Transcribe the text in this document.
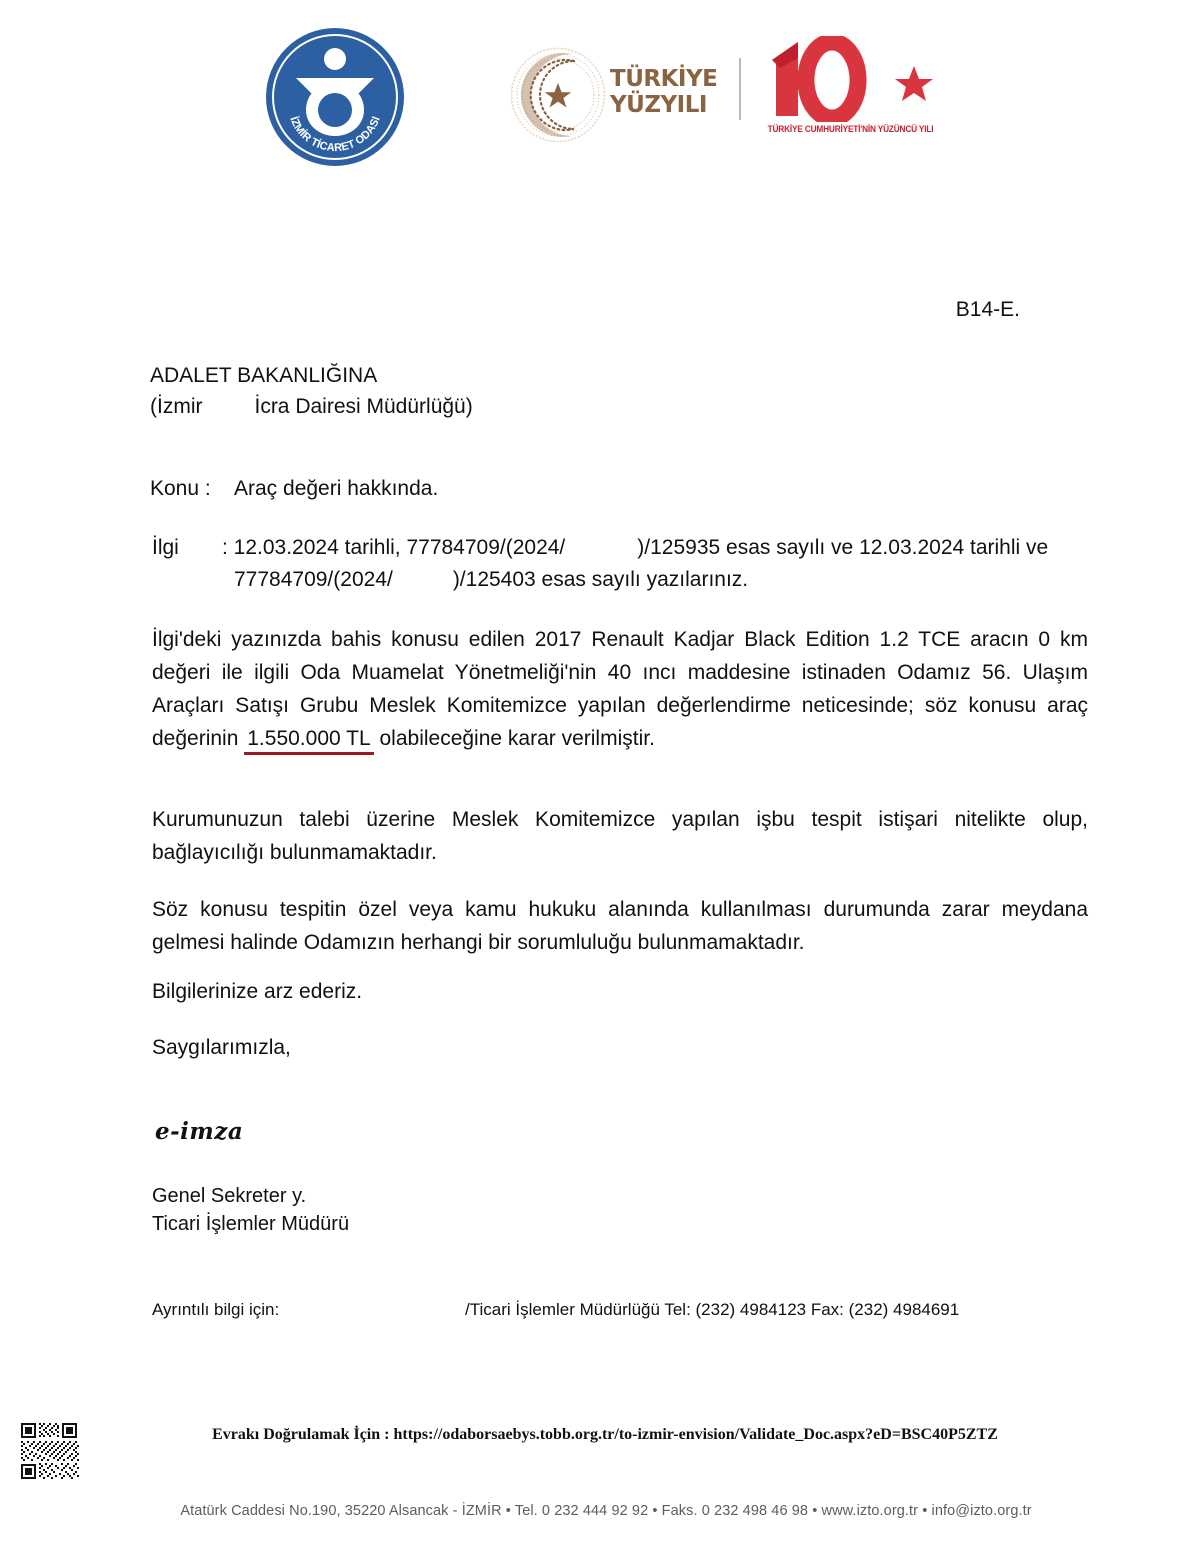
İZMİR TİCARET ODASI
1885
TÜRKİYE
YÜZYILI
TÜRKİYE CUMHURİYETİ'NİN YÜZÜNCÜ YILI
B14-E.
ADALET BAKANLIĞINA
(İzmir İcra Dairesi Müdürlüğü)
Konu : Araç değeri hakkında.
İlgi : 12.03.2024 tarihli, 77784709/(2024/	)/125935 esas sayılı ve 12.03.2024 tarihli ve
77784709/(2024/	)/125403 esas sayılı yazılarınız.
İlgi'deki yazınızda bahis konusu edilen 2017 Renault Kadjar Black Edition 1.2 TCE aracın 0 km değeri ile ilgili Oda Muamelat Yönetmeliği'nin 40 ıncı maddesine istinaden Odamız 56. Ulaşım Araçları Satışı Grubu Meslek Komitemizce yapılan değerlendirme neticesinde; söz konusu araç değerinin 1.550.000 TL olabileceğine karar verilmiştir.
Kurumunuzun talebi üzerine Meslek Komitemizce yapılan işbu tespit istişari nitelikte olup, bağlayıcılığı bulunmamaktadır.
Söz konusu tespitin özel veya kamu hukuku alanında kullanılması durumunda zarar meydana gelmesi halinde Odamızın herhangi bir sorumluluğu bulunmamaktadır.
Bilgilerinize arz ederiz.
Saygılarımızla,
e-imza
Genel Sekreter y.
Ticari İşlemler Müdürü
Ayrıntılı bilgi için:	/Ticari İşlemler Müdürlüğü Tel: (232) 4984123 Fax: (232) 4984691
Evrakı Doğrulamak İçin : https://odaborsaebys.tobb.org.tr/to-izmir-envision/Validate_Doc.aspx?eD=BSC40P5ZTZ
Atatürk Caddesi No.190, 35220 Alsancak - İZMİR • Tel. 0 232 444 92 92 • Faks. 0 232 498 46 98 • www.izto.org.tr • info@izto.org.tr
